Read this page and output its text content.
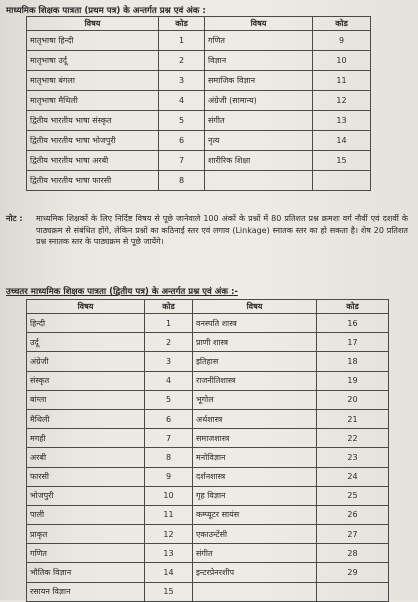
माध्यमिक शिक्षक पात्रता (प्रथम पत्र) के अन्तर्गत प्रश्न एवं अंक :
विषय	कोड	विषय	कोड
मातृभाषा हिन्दी	1	गणित	9
मातृभाषा उर्दू	2	विज्ञान	10
मातृभाषा बंगला	3	समाजिक विज्ञान	11
मातृभाषा मैथिली	4	अंग्रेजी (सामान्य)	12
द्वितीय भारतीय भाषा संस्कृत	5	संगीत	13
द्वितीय भारतीय भाषा भोजपुरी	6	नृत्य	14
द्वितीय भारतीय भाषा अरबी	7	शारीरिक शिक्षा	15
द्वितीय भारतीय भाषा फारसी	8		
नोट : माध्यमिक शिक्षकों के लिए निर्दिष्ट विषय से पूछे जानेवाले 100 अंकों के प्रश्नों में 80 प्रतिशत प्रश्न क्रमशः वर्ग नौवीं एवं दशवीं के पाठ्यक्रम से संबंधित होंगे, लेकिन प्रश्नों का कठिनाई स्तर एवं लगाव (Linkage) स्नातक स्तर का हो सकता है। शेष 20 प्रतिशत प्रश्न स्नातक स्तर के पाठ्यक्रम से पूछे जायेंगे।
उच्चतर माध्यमिक शिक्षक पात्रता (द्वितीय पत्र) के अन्तर्गत प्रश्न एवं अंक :-
विषय	कोड	विषय	कोड
हिन्दी	1	वनस्पति शास्त्र	16
उर्दू	2	प्राणी शास्त्र	17
अंग्रेजी	3	इतिहास	18
संस्कृत	4	राजनीतिशास्त्र	19
बांग्ला	5	भूगोल	20
मैथिली	6	अर्थशास्त्र	21
मगही	7	समाजशास्त्र	22
अरबी	8	मनोविज्ञान	23
फारसी	9	दर्शनशास्त्र	24
भोजपुरी	10	गृह विज्ञान	25
पाली	11	कम्प्यूटर सायंस	26
प्राकृत	12	एकाउन्टेंसी	27
गणित	13	संगीत	28
भौतिक विज्ञान	14	इन्टरप्रेनरशीप	29
रसायन विज्ञान	15		
